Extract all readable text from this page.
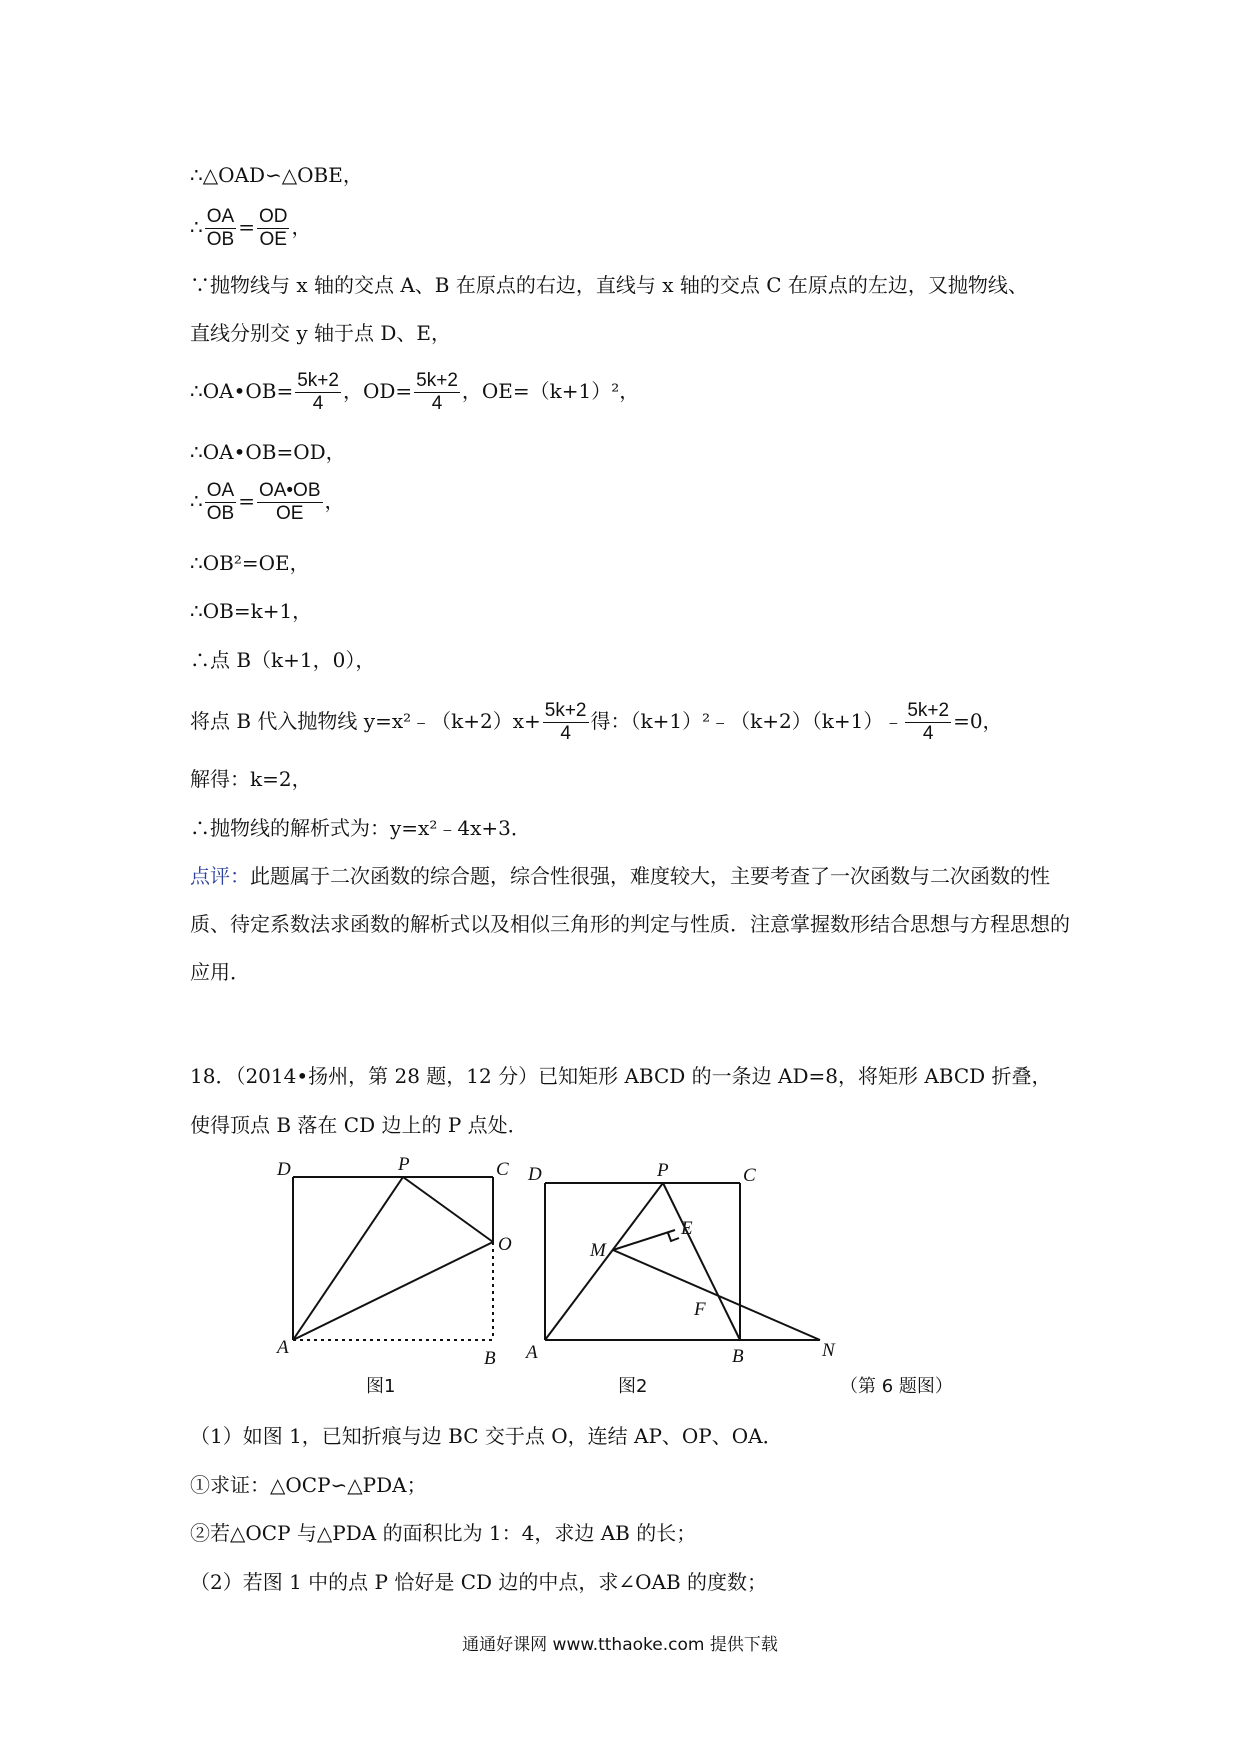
∴△OAD∽△OBE，
∴ $\frac{OA}{OB} = \frac{OD}{OE}$ ，
∵抛物线与 x 轴的交点 A、B 在原点的右边，直线与 x 轴的交点 C 在原点的左边，又抛物线、
直线分别交 y 轴于点 D、E，
∴OA•OB= $\frac{5k+2}{4}$ ，$OD= \frac{5k+2}{4}$ ，OE=（k+1）²，
∴OA•OB=OD，
∴ $\frac{OA}{OB} = \frac{OA•OB}{OE}$ ，
∴OB²=OE，
∴OB=k+1，
∴点 B（k+1，0），
将点 B 代入抛物线 y=x²﹣（k+2）x+ $\frac{5k+2}{4}$ 得：（k+1）²﹣（k+2）（k+1）﹣ $\frac{5k+2}{4} =0$，
解得：k=2，
∴抛物线的解析式为：y=x²﹣4x+3．
点评：此题属于二次函数的综合题，综合性很强，难度较大，主要考查了一次函数与二次函数的性质、待定系数法求函数的解析式以及相似三角形的判定与性质．注意掌握数形结合思想与方程思想的应用．
18．（2014•扬州，第 28 题，12 分）已知矩形 ABCD 的一条边 AD=8，将矩形 ABCD 折叠，
使得顶点 B 落在 CD 边上的 P 点处．
D	P	C
O
A
B
D	P	C
E
M
F
A	B	N
图1	图2	（第 6 题图）
（1）如图 1，已知折痕与边 BC 交于点 O，连结 AP、OP、OA．
①求证：△OCP∽△PDA；
②若△OCP 与△PDA 的面积比为 1：4，求边 AB 的长；
（2）若图 1 中的点 P 恰好是 CD 边的中点，求∠OAB 的度数；
通通好课网 www.tthaoke.com 提供下载
